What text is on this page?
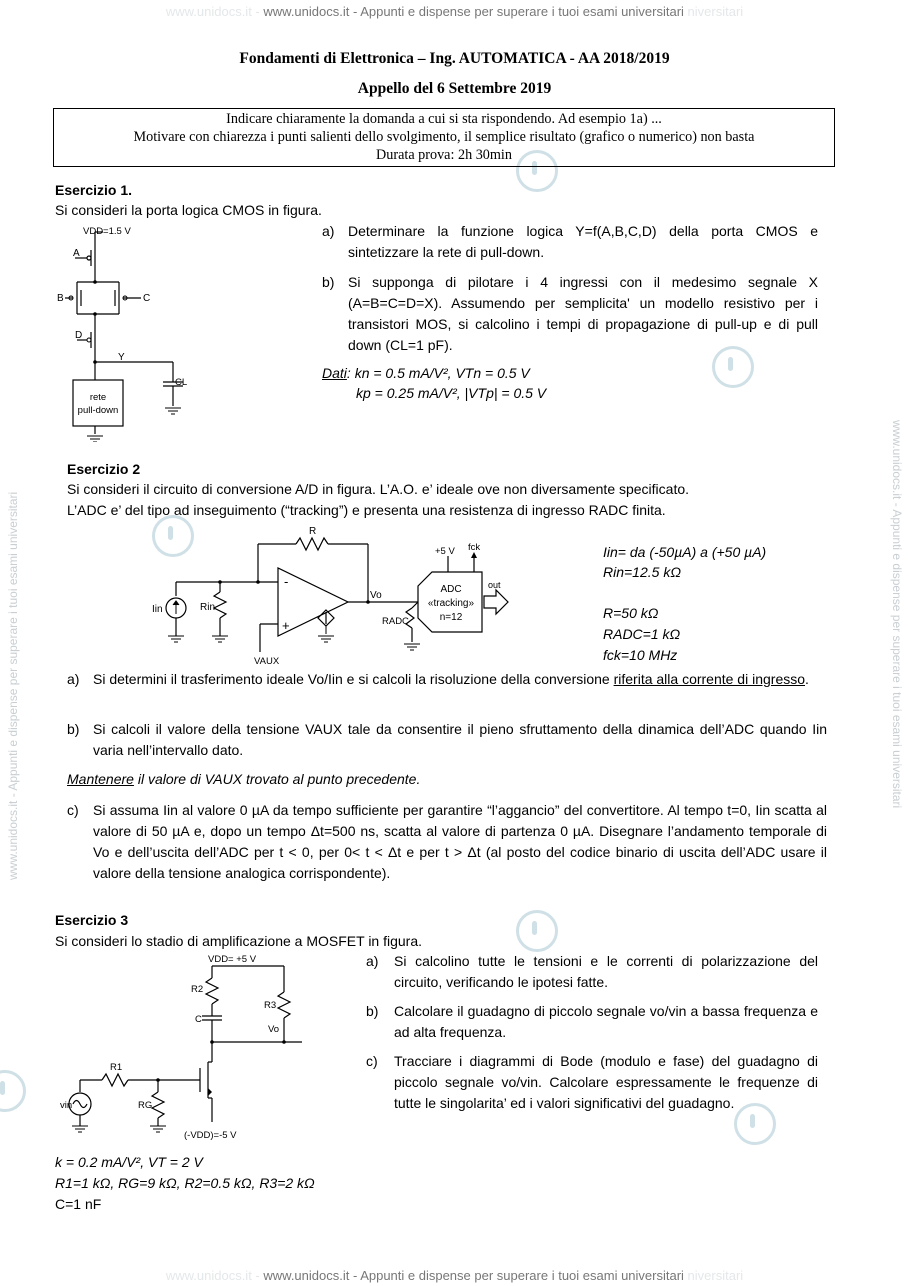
www.unidocs.it - www.unidocs.it - Appunti e dispense per superare i tuoi esami universitari niversitari
www.unidocs.it - www.unidocs.it - Appunti e dispense per superare i tuoi esami universitari niversitari
www.unidocs.it - Appunti e dispense per superare i tuoi esami universitari	www.unidocs.it - Appunti e dispense per superare i tuoi esami universitari
Fondamenti di Elettronica – Ing. AUTOMATICA - AA 2018/2019
Appello del 6 Settembre 2019
Indicare chiaramente la domanda a cui si sta rispondendo. Ad esempio 1a) ...
Motivare con chiarezza i punti salienti dello svolgimento, il semplice risultato (grafico o numerico) non basta
Durata prova: 2h 30min
Esercizio 1.
Si consideri la porta logica CMOS in figura.
VDD=1.5 V
A
B	C
D
Y
CL
rete
pull-down
a) Determinare la funzione logica Y=f(A,B,C,D) della porta CMOS e sintetizzare la rete di pull-down.
b) Si supponga di pilotare i 4 ingressi con il medesimo segnale X (A=B=C=D=X). Assumendo per semplicita' un modello resistivo per i transistori MOS, si calcolino i tempi di propagazione di pull-up e di pull down (CL=1 pF).
Dati: kn = 0.5 mA/V², VTn = 0.5 V
kp = 0.25 mA/V², |VTp| = 0.5 V
Esercizio 2
Si consideri il circuito di conversione A/D in figura. L’A.O. e’ ideale ove non diversamente specificato.
L’ADC e’ del tipo ad inseguimento (“tracking”) e presenta una resistenza di ingresso RADC finita.
-
+
R
Iin	Rin
VAUX
Vo
+5 V fck
ADC
«tracking»
n=12
RADC
out
Iin= da (-50µA) a (+50 µA)
Rin=12.5 kΩ
R=50 kΩ
RADC=1 kΩ
fck=10 MHz
a) Si determini il trasferimento ideale Vo/Iin e si calcoli la risoluzione della conversione riferita alla corrente di ingresso.
b) Si calcoli il valore della tensione VAUX tale da consentire il pieno sfruttamento della dinamica dell’ADC quando Iin varia nell’intervallo dato.
Mantenere il valore di VAUX trovato al punto precedente.
c) Si assuma Iin al valore 0 µA da tempo sufficiente per garantire “l’aggancio” del convertitore. Al tempo t=0, Iin scatta al valore di 50 µA e, dopo un tempo Δt=500 ns, scatta al valore di partenza 0 µA. Disegnare l’andamento temporale di Vo e dell’uscita dell’ADC per t < 0, per 0< t < Δt e per t > Δt (al posto del codice binario di uscita dell’ADC usare il valore della tensione analogica corrispondente).
Esercizio 3
Si consideri lo stadio di amplificazione a MOSFET in figura.
VDD= +5 V
R2
R3
C
Vo
R1
RG
vin
(-VDD)=-5 V
a) Si calcolino tutte le tensioni e le correnti di polarizzazione del circuito, verificando le ipotesi fatte.
b) Calcolare il guadagno di piccolo segnale vo/vin a bassa frequenza e ad alta frequenza.
c) Tracciare i diagrammi di Bode (modulo e fase) del guadagno di piccolo segnale vo/vin. Calcolare espressamente le frequenze di tutte le singolarita’ ed i valori significativi del guadagno.
k = 0.2 mA/V², VT = 2 V
R1=1 kΩ, RG=9 kΩ, R2=0.5 kΩ, R3=2 kΩ
C=1 nF
